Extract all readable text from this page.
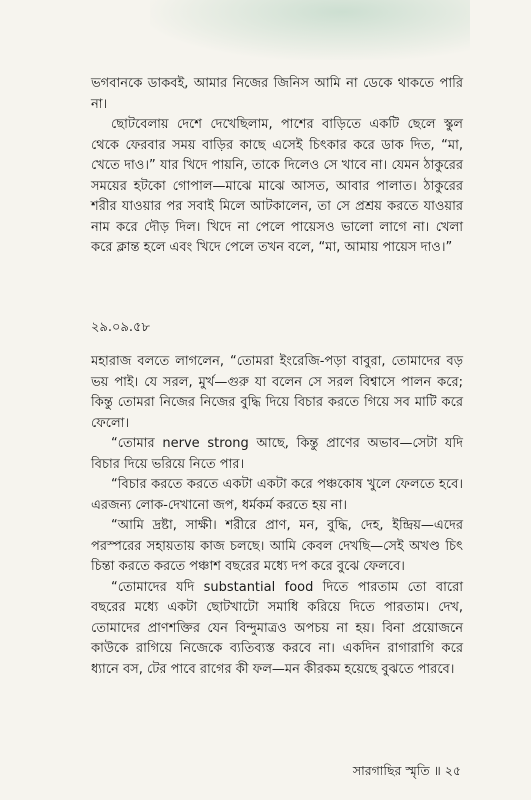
ভগবানকে ডাকবই, আমার নিজের জিনিস আমি না ডেকে থাকতে পারি না।

ছোটবেলায় দেশে দেখেছিলাম, পাশের বাড়িতে একটি ছেলে স্কুল থেকে ফেরবার সময় বাড়ির কাছে এসেই চিৎকার করে ডাক দিত, “মা, খেতে দাও।” যার খিদে পায়নি, তাকে দিলেও সে খাবে না। যেমন ঠাকুরের সময়ের হটকো গোপাল—মাঝে মাঝে আসত, আবার পালাত। ঠাকুরের শরীর যাওয়ার পর সবাই মিলে আটকালেন, তা সে প্রশ্রয় করতে যাওয়ার নাম করে দৌড় দিল। খিদে না পেলে পায়েসও ভালো লাগে না। খেলা করে ক্লান্ত হলে এবং খিদে পেলে তখন বলে, “মা, আমায় পায়েস দাও।”

২৯.০৯.৫৮

মহারাজ বলতে লাগলেন, “তোমরা ইংরেজি-পড়া বাবুরা, তোমাদের বড় ভয় পাই। যে সরল, মুর্খ—গুরু যা বলেন সে সরল বিশ্বাসে পালন করে; কিন্তু তোমরা নিজের নিজের বুদ্ধি দিয়ে বিচার করতে গিয়ে সব মাটি করে ফেলো।

“তোমার nerve strong আছে, কিন্তু প্রাণের অভাব—সেটা যদি বিচার দিয়ে ভরিয়ে নিতে পার।

“বিচার করতে করতে একটা একটা করে পঞ্চকোষ খুলে ফেলতে হবে। এরজন্য লোক-দেখানো জপ, ধর্মকর্ম করতে হয় না।

“আমি দ্রষ্টা, সাক্ষী। শরীরে প্রাণ, মন, বুদ্ধি, দেহ, ইন্দ্রিয়—এদের পরস্পরের সহায়তায় কাজ চলছে। আমি কেবল দেখছি—সেই অখণ্ড চিৎ চিন্তা করতে করতে পঞ্চাশ বছরের মধ্যে দপ করে বুঝে ফেলবে।

“তোমাদের যদি substantial food দিতে পারতাম তো বারো বছরের মধ্যে একটা ছোটখাটো সমাধি করিয়ে দিতে পারতাম। দেখ, তোমাদের প্রাণশক্তির যেন বিন্দুমাত্রও অপচয় না হয়। বিনা প্রয়োজনে কাউকে রাগিয়ে নিজেকে ব্যতিব্যস্ত করবে না। একদিন রাগারাগি করে ধ্যানে বস, টের পাবে রাগের কী ফল—মন কীরকম হয়েছে বুঝতে পারবে।

সারগাছির স্মৃতি ॥ ২৫
